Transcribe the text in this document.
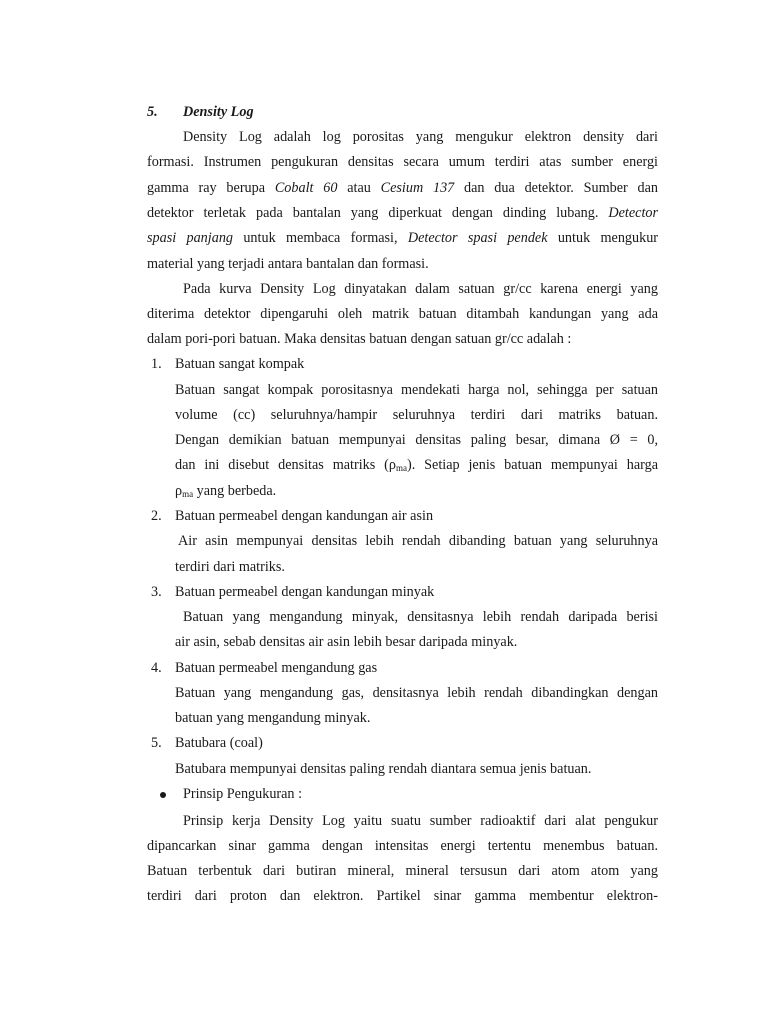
5. Density Log
Density Log adalah log porositas yang mengukur elektron density dari
formasi. Instrumen pengukuran densitas secara umum terdiri atas sumber energi
gamma ray berupa Cobalt 60 atau Cesium 137 dan dua detektor. Sumber dan
detektor terletak pada bantalan yang diperkuat dengan dinding lubang. Detector
spasi panjang untuk membaca formasi, Detector spasi pendek untuk mengukur
material yang terjadi antara bantalan dan formasi.
Pada kurva Density Log dinyatakan dalam satuan gr/cc karena energi yang
diterima detektor dipengaruhi oleh matrik batuan ditambah kandungan yang ada
dalam pori-pori batuan. Maka densitas batuan dengan satuan gr/cc adalah :
1. Batuan sangat kompak
Batuan sangat kompak porositasnya mendekati harga nol, sehingga per satuan
volume (cc) seluruhnya/hampir seluruhnya terdiri dari matriks batuan.
Dengan demikian batuan mempunyai densitas paling besar, dimana Ø = 0,
dan ini disebut densitas matriks $(\rho_{ma})$. Setiap jenis batuan mempunyai harga
$\rho_{ma}$ yang berbeda.
2. Batuan permeabel dengan kandungan air asin
Air asin mempunyai densitas lebih rendah dibanding batuan yang seluruhnya
terdiri dari matriks.
3. Batuan permeabel dengan kandungan minyak
Batuan yang mengandung minyak, densitasnya lebih rendah daripada berisi
air asin, sebab densitas air asin lebih besar daripada minyak.
4. Batuan permeabel mengandung gas
Batuan yang mengandung gas, densitasnya lebih rendah dibandingkan dengan
batuan yang mengandung minyak.
5. Batubara (coal)
Batubara mempunyai densitas paling rendah diantara semua jenis batuan.
Prinsip Pengukuran :
Prinsip kerja Density Log yaitu suatu sumber radioaktif dari alat pengukur
dipancarkan sinar gamma dengan intensitas energi tertentu menembus batuan.
Batuan terbentuk dari butiran mineral, mineral tersusun dari atom atom yang
terdiri dari proton dan elektron. Partikel sinar gamma membentur elektron-
